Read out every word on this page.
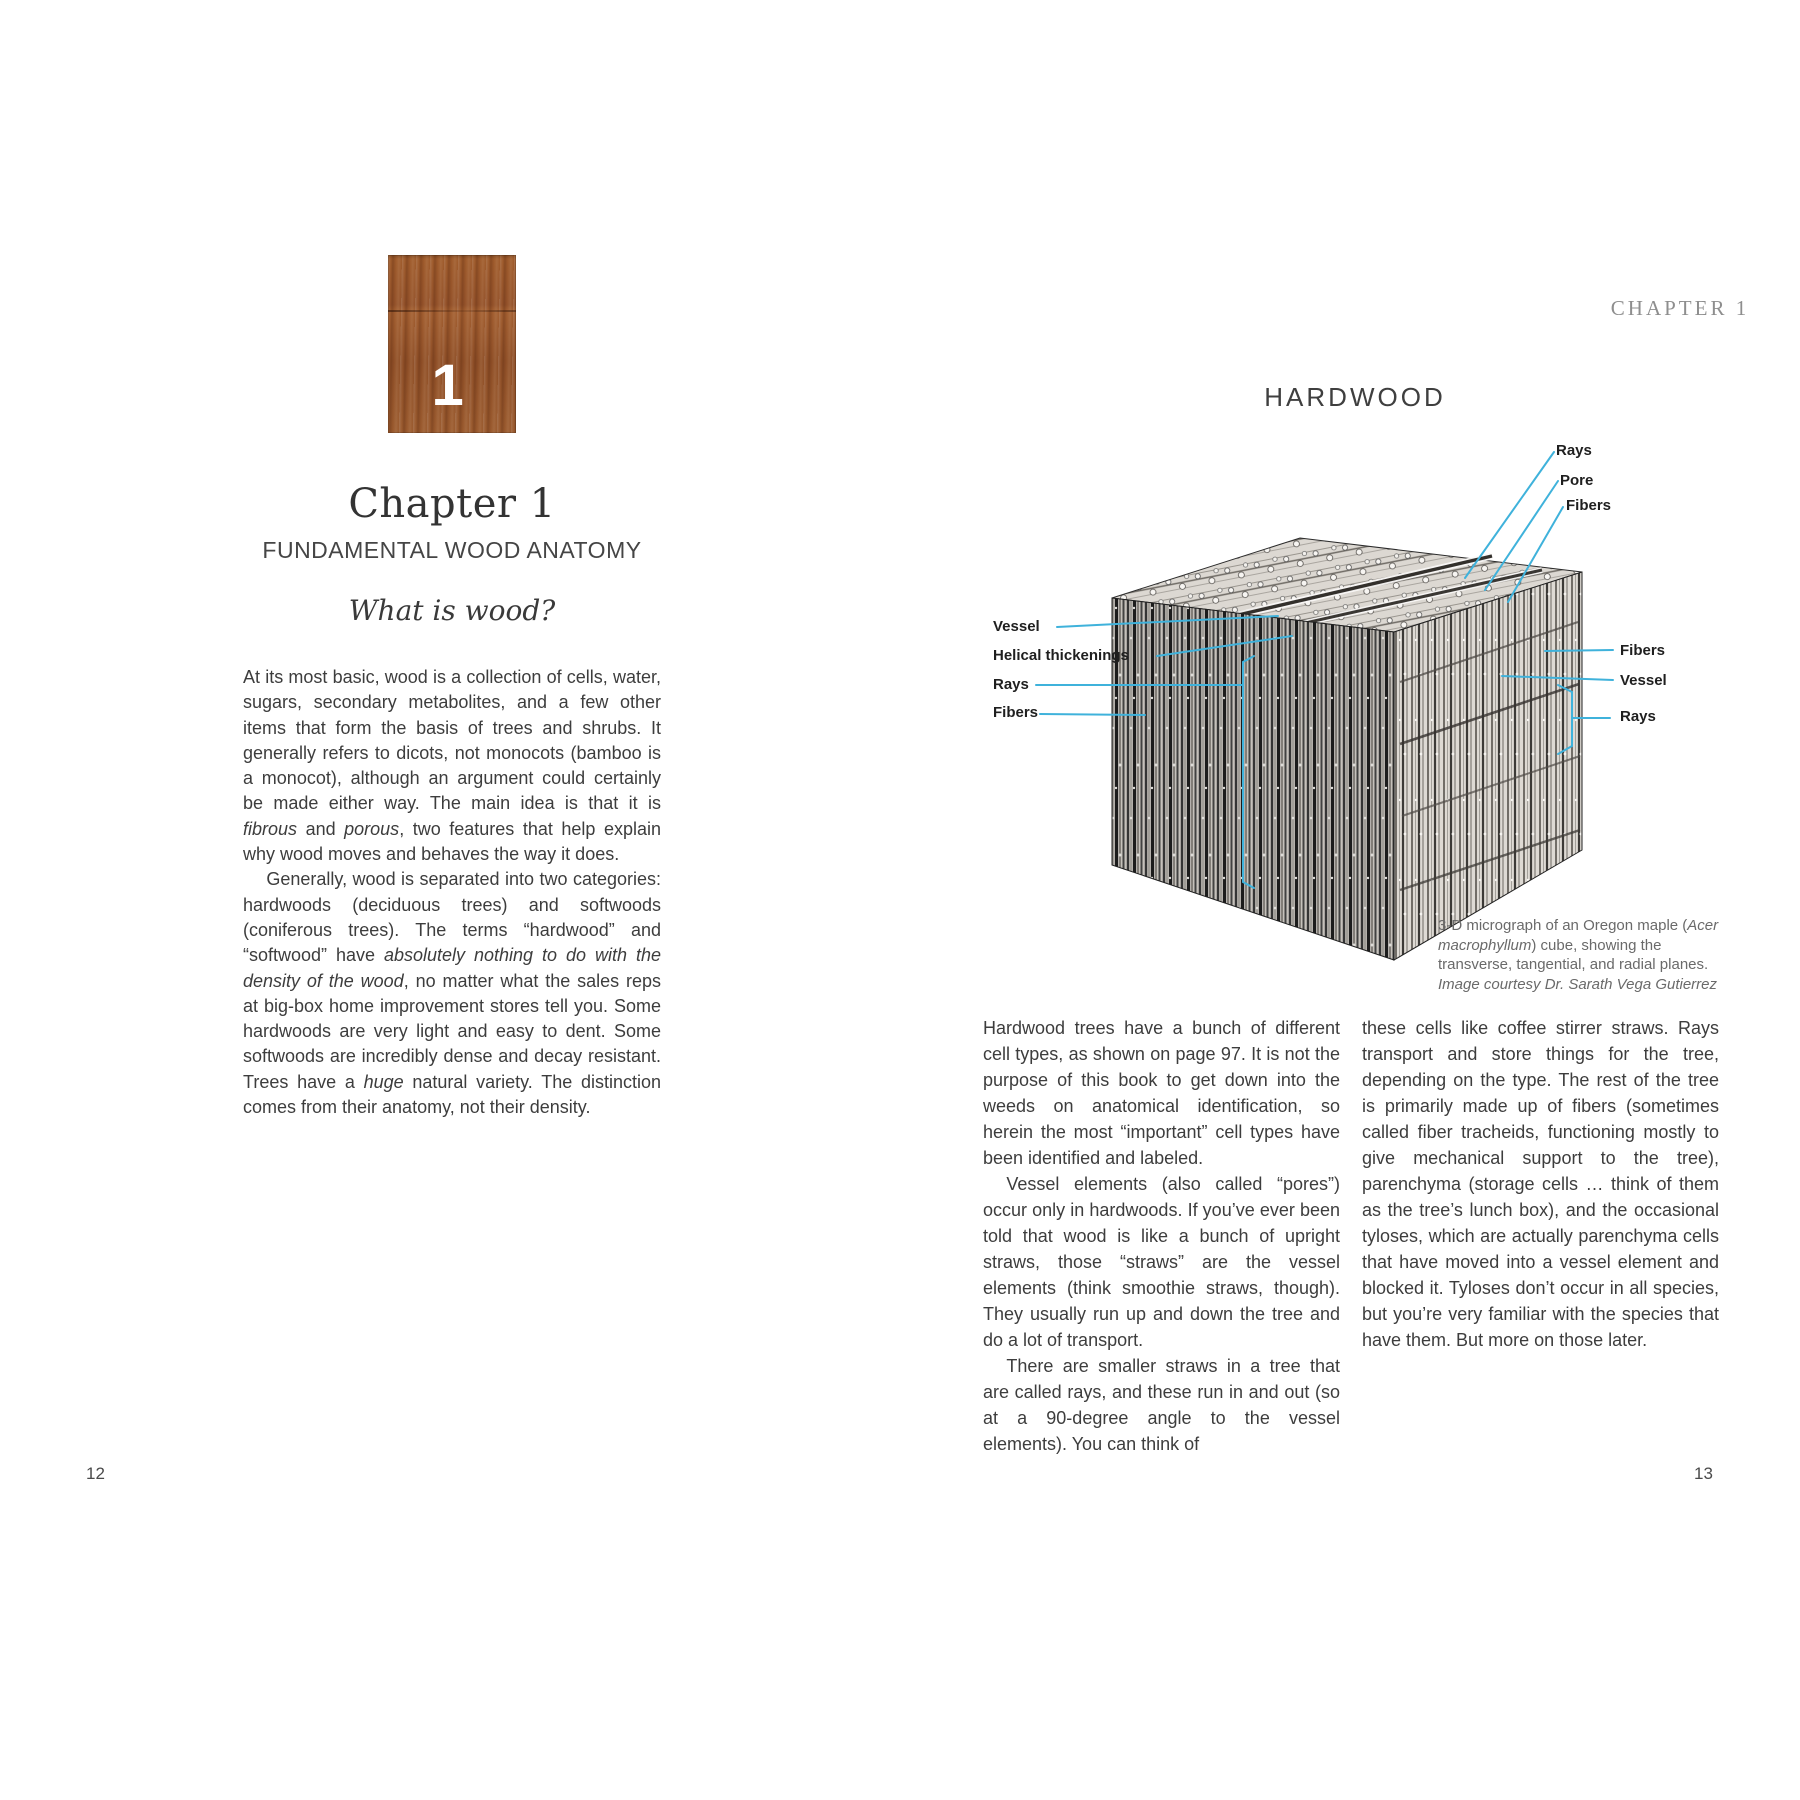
1
Chapter 1
FUNDAMENTAL WOOD ANATOMY
What is wood?

At its most basic, wood is a collection of cells, water, sugars, secondary metabolites, and a few other items that form the basis of trees and shrubs. It generally refers to dicots, not monocots (bamboo is a monocot), although an argument could certainly be made either way. The main idea is that it is fibrous and porous, two features that help explain why wood moves and behaves the way it does.

Generally, wood is separated into two categories: hardwoods (deciduous trees) and softwoods (coniferous trees). The terms “hardwood” and “softwood” have absolutely nothing to do with the density of the wood, no matter what the sales reps at big-box home improvement stores tell you. Some hardwoods are very light and easy to dent. Some softwoods are incredibly dense and decay resistant. Trees have a huge natural variety. The distinction comes from their anatomy, not their density.

12
CHAPTER 1
HARDWOOD
Rays
Pore
Fibers
Vessel
Helical thickenings
Rays
Fibers
Fibers
Vessel
Rays
3-D micrograph of an Oregon maple (Acer macrophyllum) cube, showing the transverse, tangential, and radial planes. Image courtesy Dr. Sarath Vega Gutierrez

Hardwood trees have a bunch of different cell types, as shown on page 97. It is not the purpose of this book to get down into the weeds on anatomical identification, so herein the most “important” cell types have been identified and labeled.

Vessel elements (also called “pores”) occur only in hardwoods. If you’ve ever been told that wood is like a bunch of upright straws, those “straws” are the vessel elements (think smoothie straws, though). They usually run up and down the tree and do a lot of transport.

There are smaller straws in a tree that are called rays, and these run in and out (so at a 90-degree angle to the vessel elements). You can think of

these cells like coffee stirrer straws. Rays transport and store things for the tree, depending on the type. The rest of the tree is primarily made up of fibers (sometimes called fiber tracheids, functioning mostly to give mechanical support to the tree), parenchyma (storage cells … think of them as the tree’s lunch box), and the occasional tyloses, which are actually parenchyma cells that have moved into a vessel element and blocked it. Tyloses don’t occur in all species, but you’re very familiar with the species that have them. But more on those later.

13
